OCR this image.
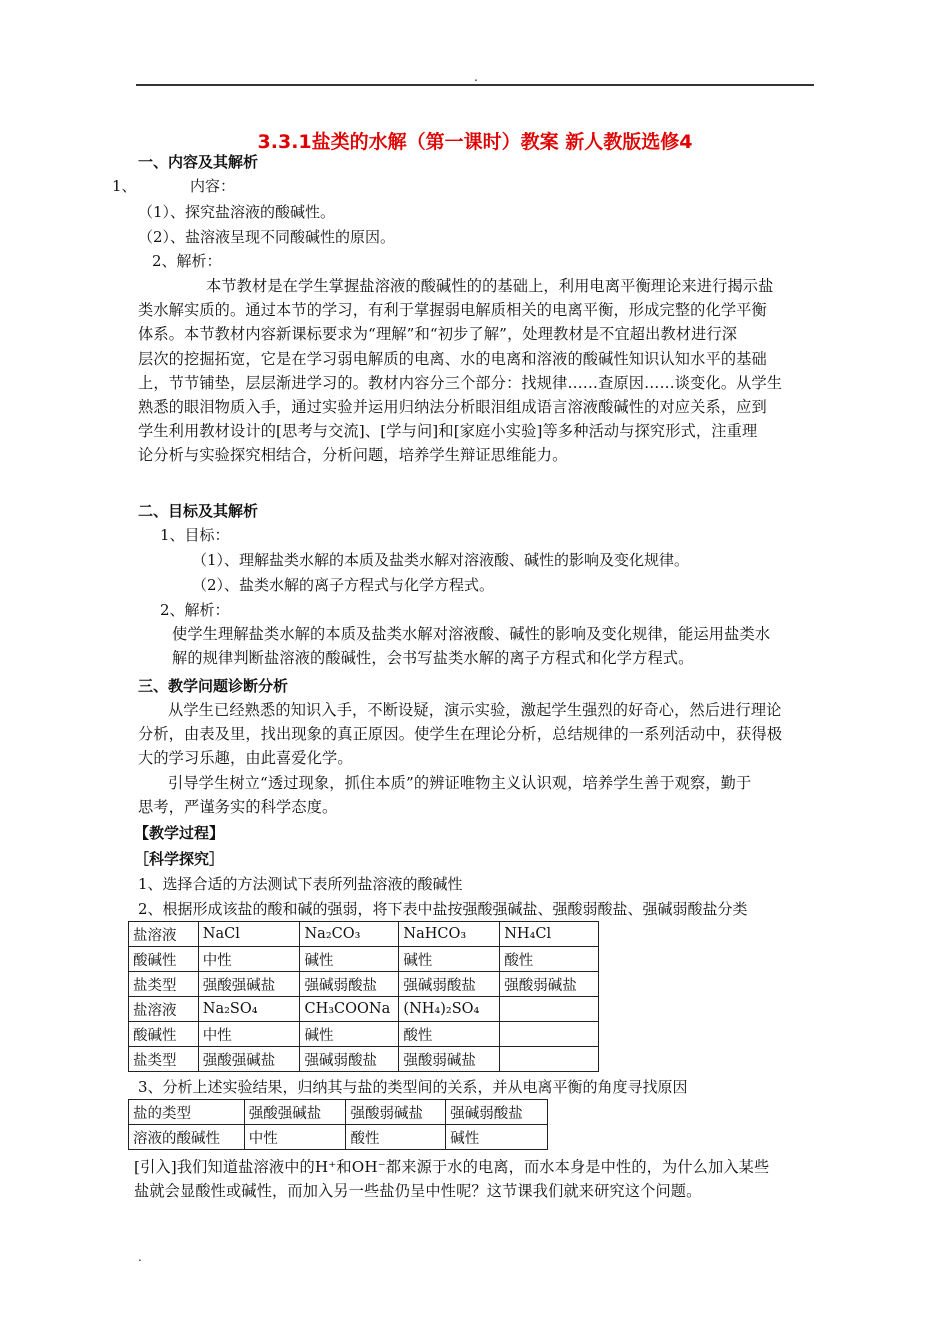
.
3.3.1盐类的水解（第一课时）教案 新人教版选修4
一、内容及其解析
1、	内容：
（1）、探究盐溶液的酸碱性。
（2）、盐溶液呈现不同酸碱性的原因。
2、解析：
本节教材是在学生掌握盐溶液的酸碱性的的基础上，利用电离平衡理论来进行揭示盐
类水解实质的。通过本节的学习，有利于掌握弱电解质相关的电离平衡，形成完整的化学平衡
体系。本节教材内容新课标要求为“理解”和“初步了解”，处理教材是不宜超出教材进行深
层次的挖掘拓宽，它是在学习弱电解质的电离、水的电离和溶液的酸碱性知识认知水平的基础
上，节节铺垫，层层渐进学习的。教材内容分三个部分：找规律……查原因……谈变化。从学生
熟悉的眼泪物质入手，通过实验并运用归纳法分析眼泪组成语言溶液酸碱性的对应关系，应到
学生利用教材设计的[思考与交流]、[学与问]和[家庭小实验]等多种活动与探究形式，注重理
论分析与实验探究相结合，分析问题，培养学生辩证思维能力。
二、目标及其解析
1、目标：
（1）、理解盐类水解的本质及盐类水解对溶液酸、碱性的影响及变化规律。
（2）、盐类水解的离子方程式与化学方程式。
2、解析：
使学生理解盐类水解的本质及盐类水解对溶液酸、碱性的影响及变化规律，能运用盐类水
解的规律判断盐溶液的酸碱性，会书写盐类水解的离子方程式和化学方程式。
三、教学问题诊断分析
从学生已经熟悉的知识入手，不断设疑，演示实验，激起学生强烈的好奇心，然后进行理论
分析，由表及里，找出现象的真正原因。使学生在理论分析，总结规律的一系列活动中，获得极
大的学习乐趣，由此喜爱化学。
引导学生树立“透过现象，抓住本质”的辨证唯物主义认识观，培养学生善于观察，勤于
思考，严谨务实的科学态度。
【教学过程】
［科学探究］
1、选择合适的方法测试下表所列盐溶液的酸碱性
2、根据形成该盐的酸和碱的强弱，将下表中盐按强酸强碱盐、强酸弱酸盐、强碱弱酸盐分类
盐溶液	NaCl	Na₂CO₃	NaHCO₃	NH₄Cl
酸碱性	中性	碱性	碱性	酸性
盐类型	强酸强碱盐	强碱弱酸盐	强碱弱酸盐	强酸弱碱盐
盐溶液	Na₂SO₄	CH₃COONa	(NH₄)₂SO₄	
酸碱性	中性	碱性	酸性	
盐类型	强酸强碱盐	强碱弱酸盐	强酸弱碱盐	
3、分析上述实验结果，归纳其与盐的类型间的关系，并从电离平衡的角度寻找原因
盐的类型	强酸强碱盐	强酸弱碱盐	强碱弱酸盐
溶液的酸碱性	中性	酸性	碱性
[引入]我们知道盐溶液中的H⁺和OH⁻都来源于水的电离，而水本身是中性的，为什么加入某些
盐就会显酸性或碱性，而加入另一些盐仍呈中性呢？这节课我们就来研究这个问题。
.
